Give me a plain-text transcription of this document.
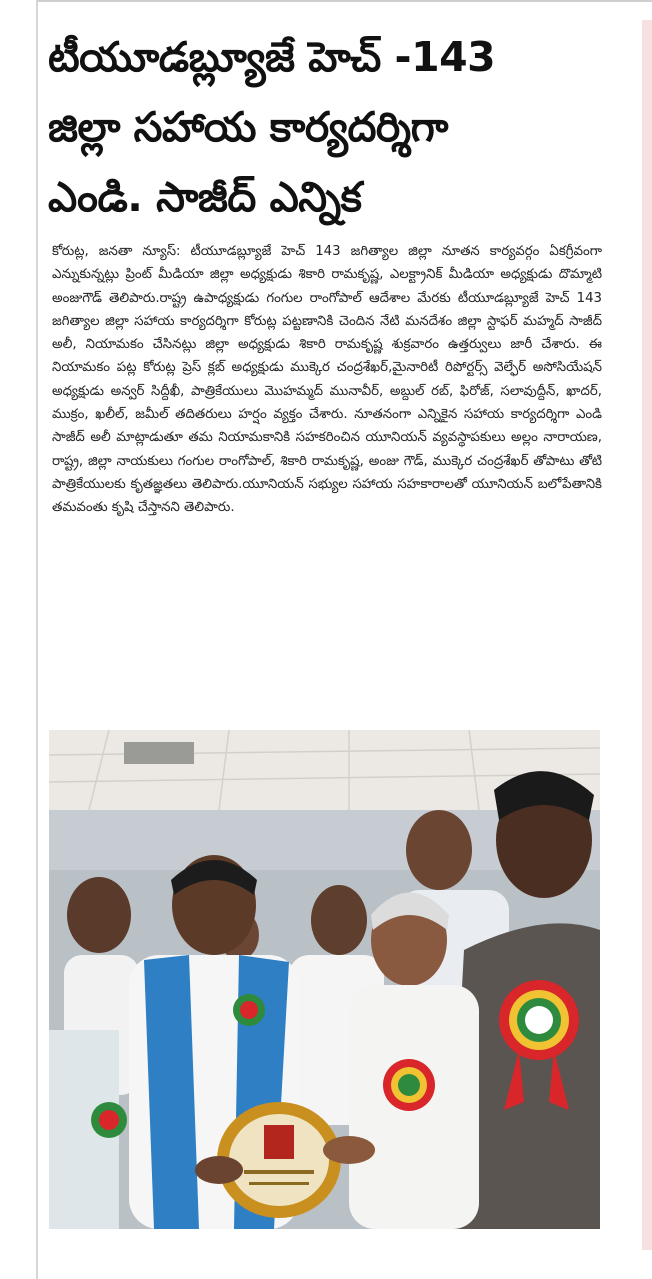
టీయూడబ్ల్యూజే హెచ్ -143
జిల్లా సహాయ కార్యదర్శిగా
ఎండి. సాజీద్ ఎన్నిక
కోరుట్ల, జనతా న్యూస్: టీయూడబ్ల్యూజే హెచ్ 143 జగిత్యాల జిల్లా నూతన కార్యవర్గం ఏకగ్రీవంగా ఎన్నుకున్నట్లు ప్రింట్ మీడియా జిల్లా అధ్యక్షుడు శికారి రామకృష్ణ, ఎలక్ట్రానిక్ మీడియా అధ్యక్షుడు దొమ్మాటి అంజుగౌడ్ తెలిపారు.రాష్ట్ర ఉపాధ్యక్షుడు గంగుల రాంగోపాల్ ఆదేశాల మేరకు టీయూడబ్ల్యూజే హెచ్ 143 జగిత్యాల జిల్లా సహాయ కార్యదర్శిగా కోరుట్ల పట్టణానికి చెందిన నేటి మనదేశం జిల్లా స్టాఫర్ మహ్మద్ సాజీద్ అలీ, నియామకం చేసినట్లు జిల్లా అధ్యక్షుడు శికారి రామకృష్ణ శుక్రవారం ఉత్తర్వులు జారీ చేశారు. ఈ నియామకం పట్ల కోరుట్ల ప్రెస్ క్లబ్ అధ్యక్షుడు ముక్కెర చంద్రశేఖర్,మైనారిటీ రిపోర్టర్స్ వెల్ఫేర్ అసోసియేషన్ అధ్యక్షుడు అన్వర్ సిద్దీఖీ, పాత్రికేయులు మొహమ్మద్ మునావీర్, అబ్దుల్ రబ్, ఫిరోజ్, సలావుద్దీన్, ఖాదర్, ముక్రం, ఖలీల్, జమీల్ తదితరులు హర్షం వ్యక్తం చేశారు. నూతనంగా ఎన్నికైన సహాయ కార్యదర్శిగా ఎండి సాజీద్ అలీ మాట్లాడుతూ తమ నియామకానికి సహకరించిన యూనియన్ వ్యవస్థాపకులు అల్లం నారాయణ, రాష్ట్ర, జిల్లా నాయకులు గంగుల రాంగోపాల్, శికారి రామకృష్ణ, అంజు గౌడ్, ముక్కెర చంద్రశేఖర్ తోపాటు తోటి పాత్రికేయులకు కృతజ్ఞతలు తెలిపారు.యూనియన్ సభ్యుల సహాయ సహకారాలతో యూనియన్ బలోపేతానికి తమవంతు కృషి చేస్తానని తెలిపారు.
